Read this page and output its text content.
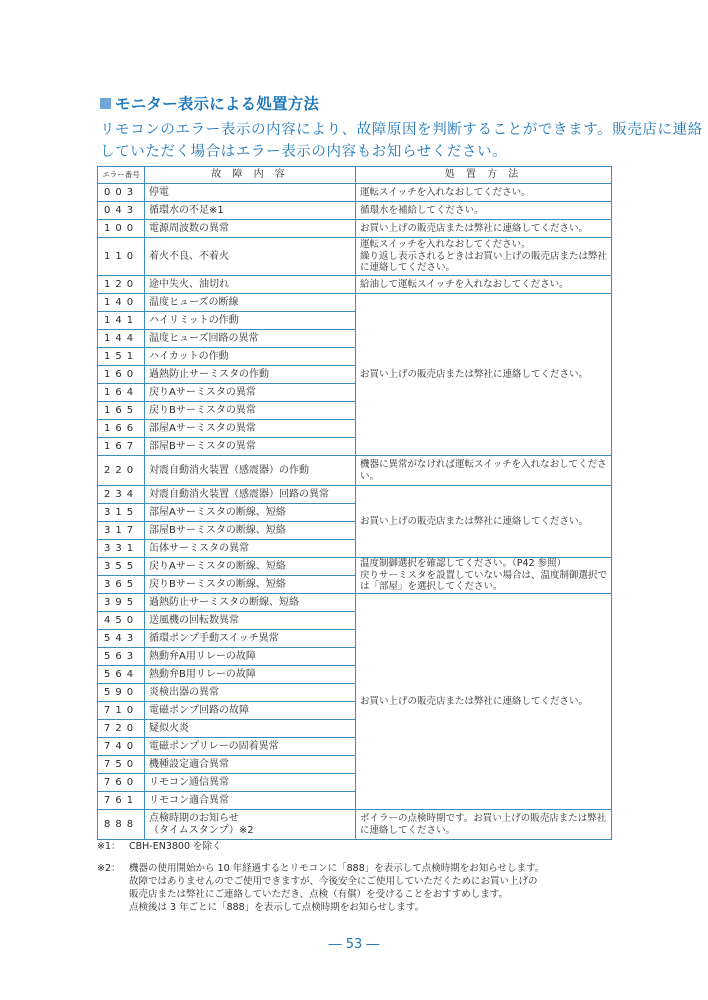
モニター表示による処置方法
リモコンのエラー表示の内容により、故障原因を判断することができます。販売店に連絡
していただく場合はエラー表示の内容もお知らせください。
エラー番号	故 障 内 容	処 置 方 法
003	停電	運転スイッチを入れなおしてください。
043	循環水の不足※1	循環水を補給してください。
100	電源周波数の異常	お買い上げの販売店または弊社に連絡してください。
110	着火不良、不着火	運転スイッチを入れなおしてください。
繰り返し表示されるときはお買い上げの販売店または弊社に連絡してください。
120	途中失火、油切れ	給油して運転スイッチを入れなおしてください。
140	温度ヒューズの断線	お買い上げの販売店または弊社に連絡してください。
141	ハイリミットの作動	
144	温度ヒューズ回路の異常	
151	ハイカットの作動	
160	過熱防止サーミスタの作動	
164	戻りAサーミスタの異常	
165	戻りBサーミスタの異常	
166	部屋Aサーミスタの異常	
167	部屋Bサーミスタの異常	
220	対震自動消火装置（感震器）の作動	機器に異常がなければ運転スイッチを入れなおしてください。
234	対震自動消火装置（感震器）回路の異常	お買い上げの販売店または弊社に連絡してください。
315	部屋Aサーミスタの断線、短絡	
317	部屋Bサーミスタの断線、短絡	
331	缶体サーミスタの異常	
355	戻りAサーミスタの断線、短絡	温度制御選択を確認してください。（P42 参照）
戻りサーミスタを設置していない場合は、温度制御選択では「部屋」を選択してください。
365	戻りBサーミスタの断線、短絡	
395	過熱防止サーミスタの断線、短絡	お買い上げの販売店または弊社に連絡してください。
450	送風機の回転数異常	
543	循環ポンプ手動スイッチ異常	
563	熱動弁A用リレーの故障	
564	熱動弁B用リレーの故障	
590	炎検出器の異常	
710	電磁ポンプ回路の故障	
720	疑似火炎	
740	電磁ポンプリレーの固着異常	
750	機種設定適合異常	
760	リモコン通信異常	
761	リモコン適合異常	
888	点検時期のお知らせ
（タイムスタンプ）※2	ボイラーの点検時期です。お買い上げの販売店または弊社に連絡してください。
※1： CBH-EN3800 を除く
※2： 機器の使用開始から 10 年経過するとリモコンに「888」を表示して点検時期をお知らせします。
故障ではありませんのでご使用できますが、今後安全にご使用していただくためにお買い上げの
販売店または弊社にご連絡していただき、点検（有償）を受けることをおすすめします。
点検後は 3 年ごとに「888」を表示して点検時期をお知らせします。
― 53 ―
